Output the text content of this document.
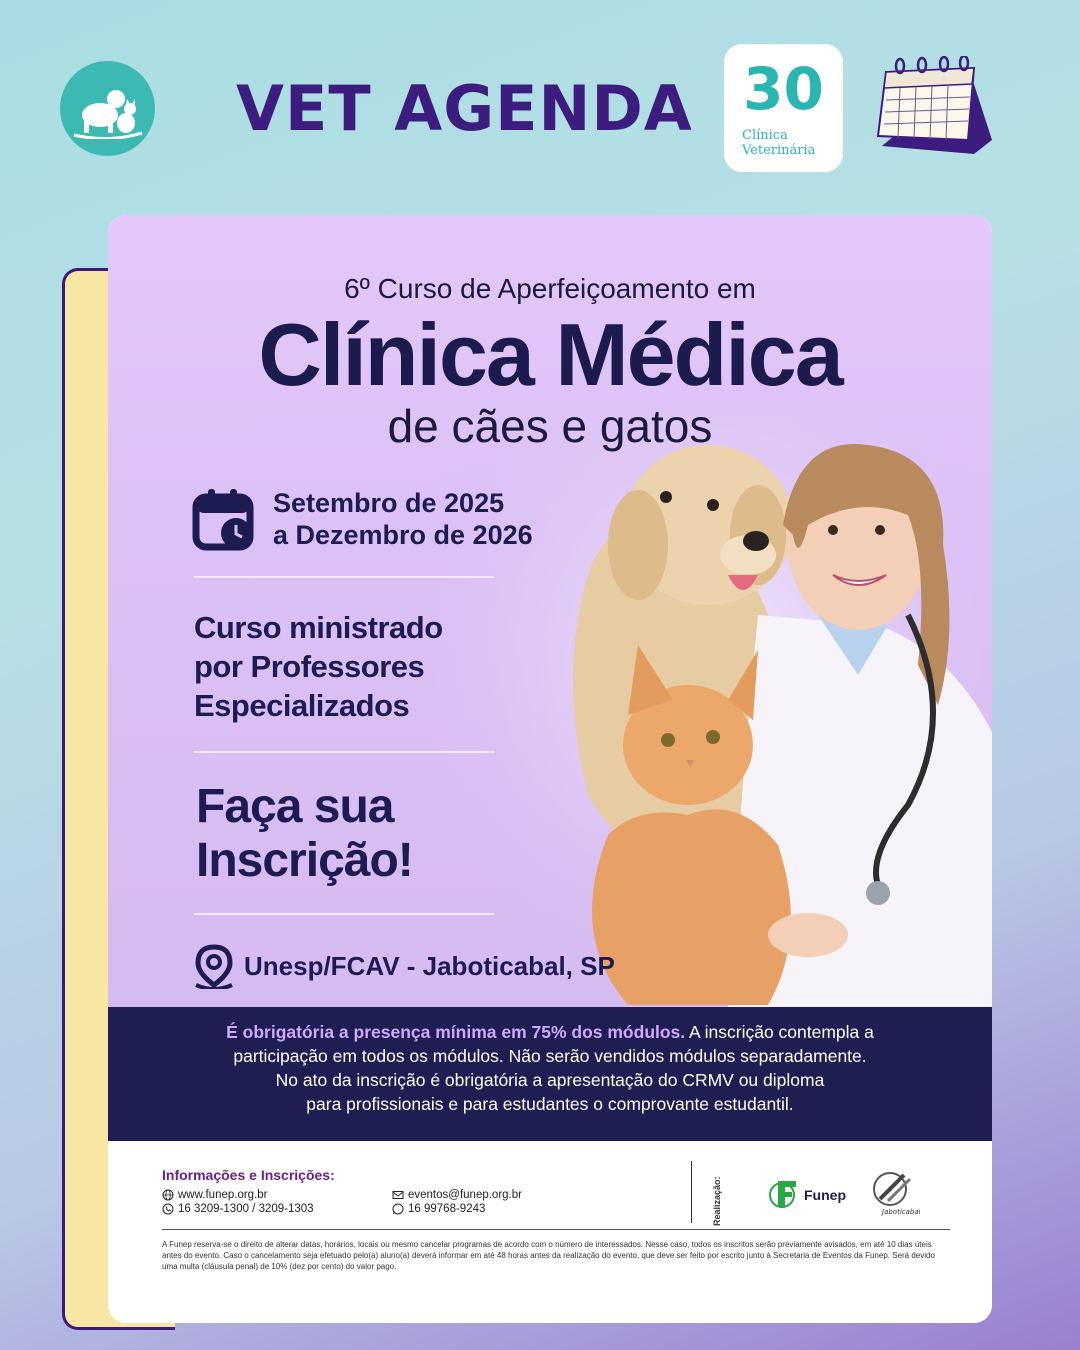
VET AGENDA 30
Clínica
Veterinária
6º Curso de Aperfeiçoamento em
Clínica Médica
de cães e gatos
Setembro de 2025
a Dezembro de 2026
Curso ministrado
por Professores
Especializados
Faça sua
Inscrição!
Unesp/FCAV - Jaboticabal, SP
É obrigatória a presença mínima em 75% dos módulos. A inscrição contempla a
participação em todos os módulos. Não serão vendidos módulos separadamente.
No ato da inscrição é obrigatória a apresentação do CRMV ou diploma
para profissionais e para estudantes o comprovante estudantil.
Informações e Inscrições:
www.funep.org.br
16 3209-1300 / 3209-1303
eventos@funep.org.br
16 99768-9243	Realização:	Funep
Jaboticabal
A Funep reserva-se o direito de alterar datas, horários, locais ou mesmo cancelar programas de acordo com o número de interessados. Nesse caso, todos os inscritos serão previamente avisados, em até 10 dias úteis antes do evento. Caso o cancelamento seja efetuado pelo(a) aluno(a) deverá informar em até 48 horas antes da realização do evento, que deve ser feito por escrito junto à Secretaria de Eventos da Funep. Será devido uma multa (cláusula penal) de 10% (dez por cento) do valor pago.
